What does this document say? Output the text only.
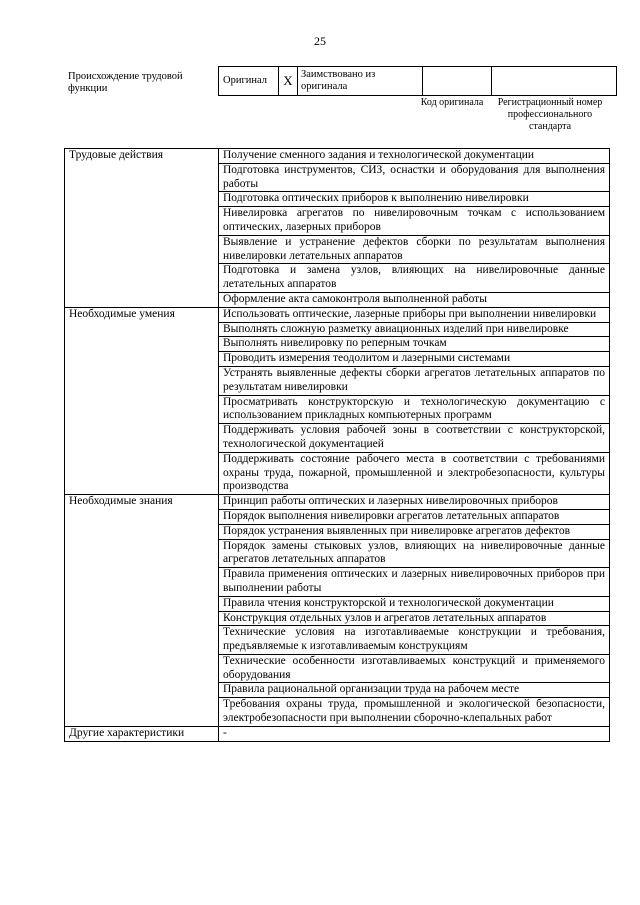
25
Происхождение трудовой функции	Оригинал	X	Заимствовано из оригинала		
Код оригинала	Регистрационный номер профессионального стандарта
Трудовые действия	Получение сменного задания и технологической документации
	Подготовка инструментов, СИЗ, оснастки и оборудования для выполнения работы
	Подготовка оптических приборов к выполнению нивелировки
	Нивелировка агрегатов по нивелировочным точкам с использованием оптических, лазерных приборов
	Выявление и устранение дефектов сборки по результатам выполнения нивелировки летательных аппаратов
	Подготовка и замена узлов, влияющих на нивелировочные данные летательных аппаратов
	Оформление акта самоконтроля выполненной работы
Необходимые умения	Использовать оптические, лазерные приборы при выполнении нивелировки
	Выполнять сложную разметку авиационных изделий при нивелировке
	Выполнять нивелировку по реперным точкам
	Проводить измерения теодолитом и лазерными системами
	Устранять выявленные дефекты сборки агрегатов летательных аппаратов по результатам нивелировки
	Просматривать конструкторскую и технологическую документацию с использованием прикладных компьютерных программ
	Поддерживать условия рабочей зоны в соответствии с конструкторской, технологической документацией
	Поддерживать состояние рабочего места в соответствии с требованиями охраны труда, пожарной, промышленной и электробезопасности, культуры производства
Необходимые знания	Принцип работы оптических и лазерных нивелировочных приборов
	Порядок выполнения нивелировки агрегатов летательных аппаратов
	Порядок устранения выявленных при нивелировке агрегатов дефектов
	Порядок замены стыковых узлов, влияющих на нивелировочные данные агрегатов летательных аппаратов
	Правила применения оптических и лазерных нивелировочных приборов при выполнении работы
	Правила чтения конструкторской и технологической документации
	Конструкция отдельных узлов и агрегатов летательных аппаратов
	Технические условия на изготавливаемые конструкции и требования, предъявляемые к изготавливаемым конструкциям
	Технические особенности изготавливаемых конструкций и применяемого оборудования
	Правила рациональной организации труда на рабочем месте
	Требования охраны труда, промышленной и экологической безопасности, электробезопасности при выполнении сборочно-клепальных работ
Другие характеристики	-
